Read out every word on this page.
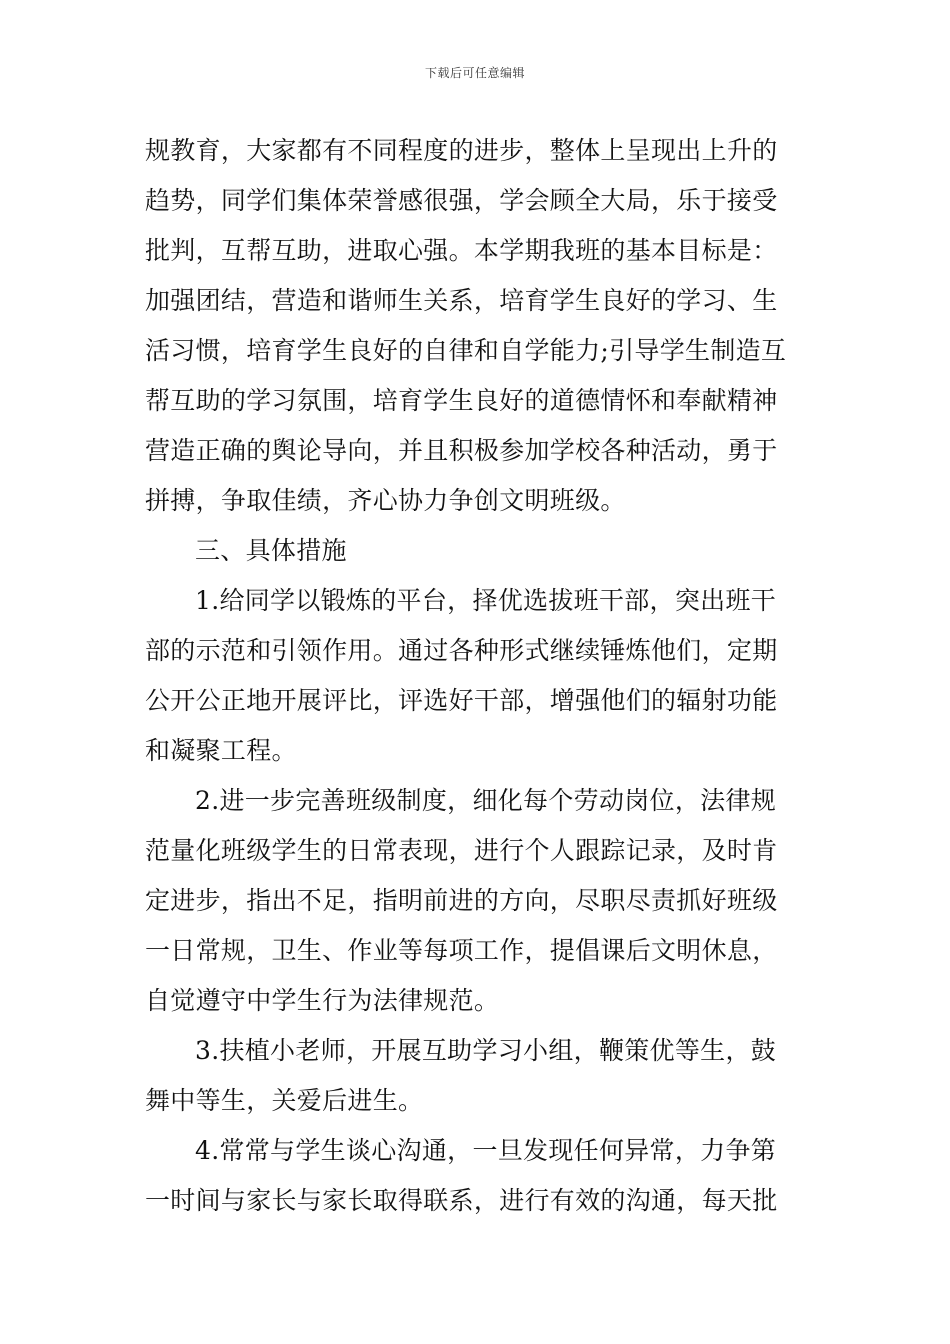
下载后可任意编辑
规教育，大家都有不同程度的进步，整体上呈现出上升的
趋势，同学们集体荣誉感很强，学会顾全大局，乐于接受
批判，互帮互助，进取心强。本学期我班的基本目标是：
加强团结，营造和谐师生关系，培育学生良好的学习、生
活习惯，培育学生良好的自律和自学能力;引导学生制造互
帮互助的学习氛围，培育学生良好的道德情怀和奉献精神
营造正确的舆论导向，并且积极参加学校各种活动，勇于
拼搏，争取佳绩，齐心协力争创文明班级。
三、具体措施
1.给同学以锻炼的平台，择优选拔班干部，突出班干
部的示范和引领作用。通过各种形式继续锤炼他们，定期
公开公正地开展评比，评选好干部，增强他们的辐射功能
和凝聚工程。
2.进一步完善班级制度，细化每个劳动岗位，法律规
范量化班级学生的日常表现，进行个人跟踪记录，及时肯
定进步，指出不足，指明前进的方向，尽职尽责抓好班级
一日常规，卫生、作业等每项工作，提倡课后文明休息，
自觉遵守中学生行为法律规范。
3.扶植小老师，开展互助学习小组，鞭策优等生，鼓
舞中等生，关爱后进生。
4.常常与学生谈心沟通，一旦发现任何异常，力争第
一时间与家长与家长取得联系，进行有效的沟通，每天批
